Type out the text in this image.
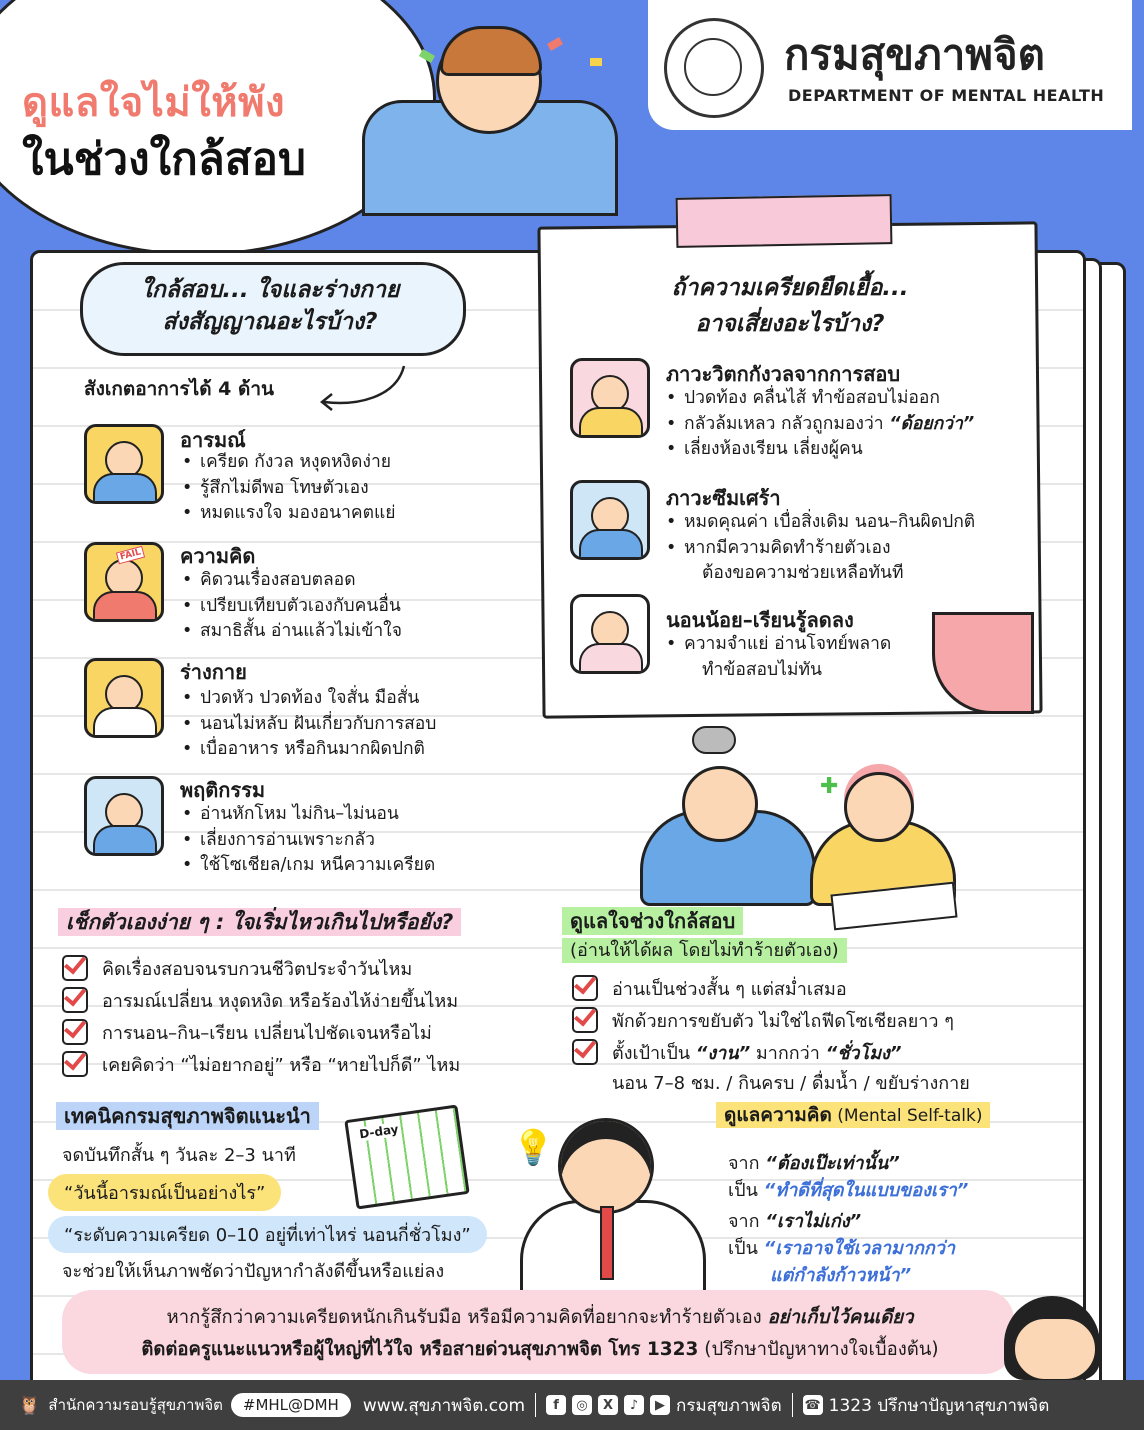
ดูแลใจไม่ให้พัง
ในช่วงใกล้สอบ
กรมสุขภาพจิต
DEPARTMENT OF MENTAL HEALTH
ใกล้สอบ... ใจและร่างกาย
ส่งสัญญาณอะไรบ้าง?
สังเกตอาการได้ 4 ด้าน
อารมณ์
• เครียด กังวล หงุดหงิดง่าย
• รู้สึกไม่ดีพอ โทษตัวเอง
• หมดแรงใจ มองอนาคตแย่
FAIL ความคิด
• คิดวนเรื่องสอบตลอด
• เปรียบเทียบตัวเองกับคนอื่น
• สมาธิสั้น อ่านแล้วไม่เข้าใจ
ร่างกาย
• ปวดหัว ปวดท้อง ใจสั่น มือสั่น
• นอนไม่หลับ ฝันเกี่ยวกับการสอบ
• เบื่ออาหาร หรือกินมากผิดปกติ
พฤติกรรม
• อ่านหักโหม ไม่กิน–ไม่นอน
• เลี่ยงการอ่านเพราะกลัว
• ใช้โซเชียล/เกม หนีความเครียด
ถ้าความเครียดยืดเยื้อ...
อาจเสี่ยงอะไรบ้าง?
ภาวะวิตกกังวลจากการสอบ
• ปวดท้อง คลื่นไส้ ทำข้อสอบไม่ออก
• กลัวล้มเหลว กลัวถูกมองว่า “ด้อยกว่า”
• เลี่ยงห้องเรียน เลี่ยงผู้คน
ภาวะซึมเศร้า
• หมดคุณค่า เบื่อสิ่งเดิม นอน–กินผิดปกติ
• หากมีความคิดทำร้ายตัวเอง
ต้องขอความช่วยเหลือทันที
นอนน้อย–เรียนรู้ลดลง
• ความจำแย่ อ่านโจทย์พลาด
ทำข้อสอบไม่ทัน
✚
เช็กตัวเองง่าย ๆ : ใจเริ่มไหวเกินไปหรือยัง?
คิดเรื่องสอบจนรบกวนชีวิตประจำวันไหม
อารมณ์เปลี่ยน หงุดหงิด หรือร้องไห้ง่ายขึ้นไหม
การนอน–กิน–เรียน เปลี่ยนไปชัดเจนหรือไม่
เคยคิดว่า “ไม่อยากอยู่” หรือ “หายไปก็ดี” ไหม
ดูแลใจช่วงใกล้สอบ
(อ่านให้ได้ผล โดยไม่ทำร้ายตัวเอง)
อ่านเป็นช่วงสั้น ๆ แต่สม่ำเสมอ
พักด้วยการขยับตัว ไม่ใช่ไถฟีดโซเชียลยาว ๆ
ตั้งเป้าเป็น “งาน” มากกว่า “ชั่วโมง”
นอน 7–8 ชม. / กินครบ / ดื่มน้ำ / ขยับร่างกาย
เทคนิคกรมสุขภาพจิตแนะนำ
จดบันทึกสั้น ๆ วันละ 2–3 นาที
“วันนี้อารมณ์เป็นอย่างไร”
“ระดับความเครียด 0–10 อยู่ที่เท่าไหร่ นอนกี่ชั่วโมง”
จะช่วยให้เห็นภาพชัดว่าปัญหากำลังดีขึ้นหรือแย่ลง
D-day	💡
ดูแลความคิด (Mental Self-talk)
จาก “ต้องเป๊ะเท่านั้น”
เป็น “ทำดีที่สุดในแบบของเรา”
จาก “เราไม่เก่ง”
เป็น “เราอาจใช้เวลามากกว่า
แต่กำลังก้าวหน้า”
หากรู้สึกว่าความเครียดหนักเกินรับมือ หรือมีความคิดที่อยากจะทำร้ายตัวเอง อย่าเก็บไว้คนเดียว
ติดต่อครูแนะแนวหรือผู้ใหญ่ที่ไว้ใจ หรือสายด่วนสุขภาพจิต โทร 1323 (ปรึกษาปัญหาทางใจเบื้องต้น)
🦉 สำนักความรอบรู้สุขภาพจิต	#MHL@DMH	www.สุขภาพจิต.com	f	◎	X	♪	▶ กรมสุขภาพจิต ☎ 1323 ปรึกษาปัญหาสุขภาพจิต
